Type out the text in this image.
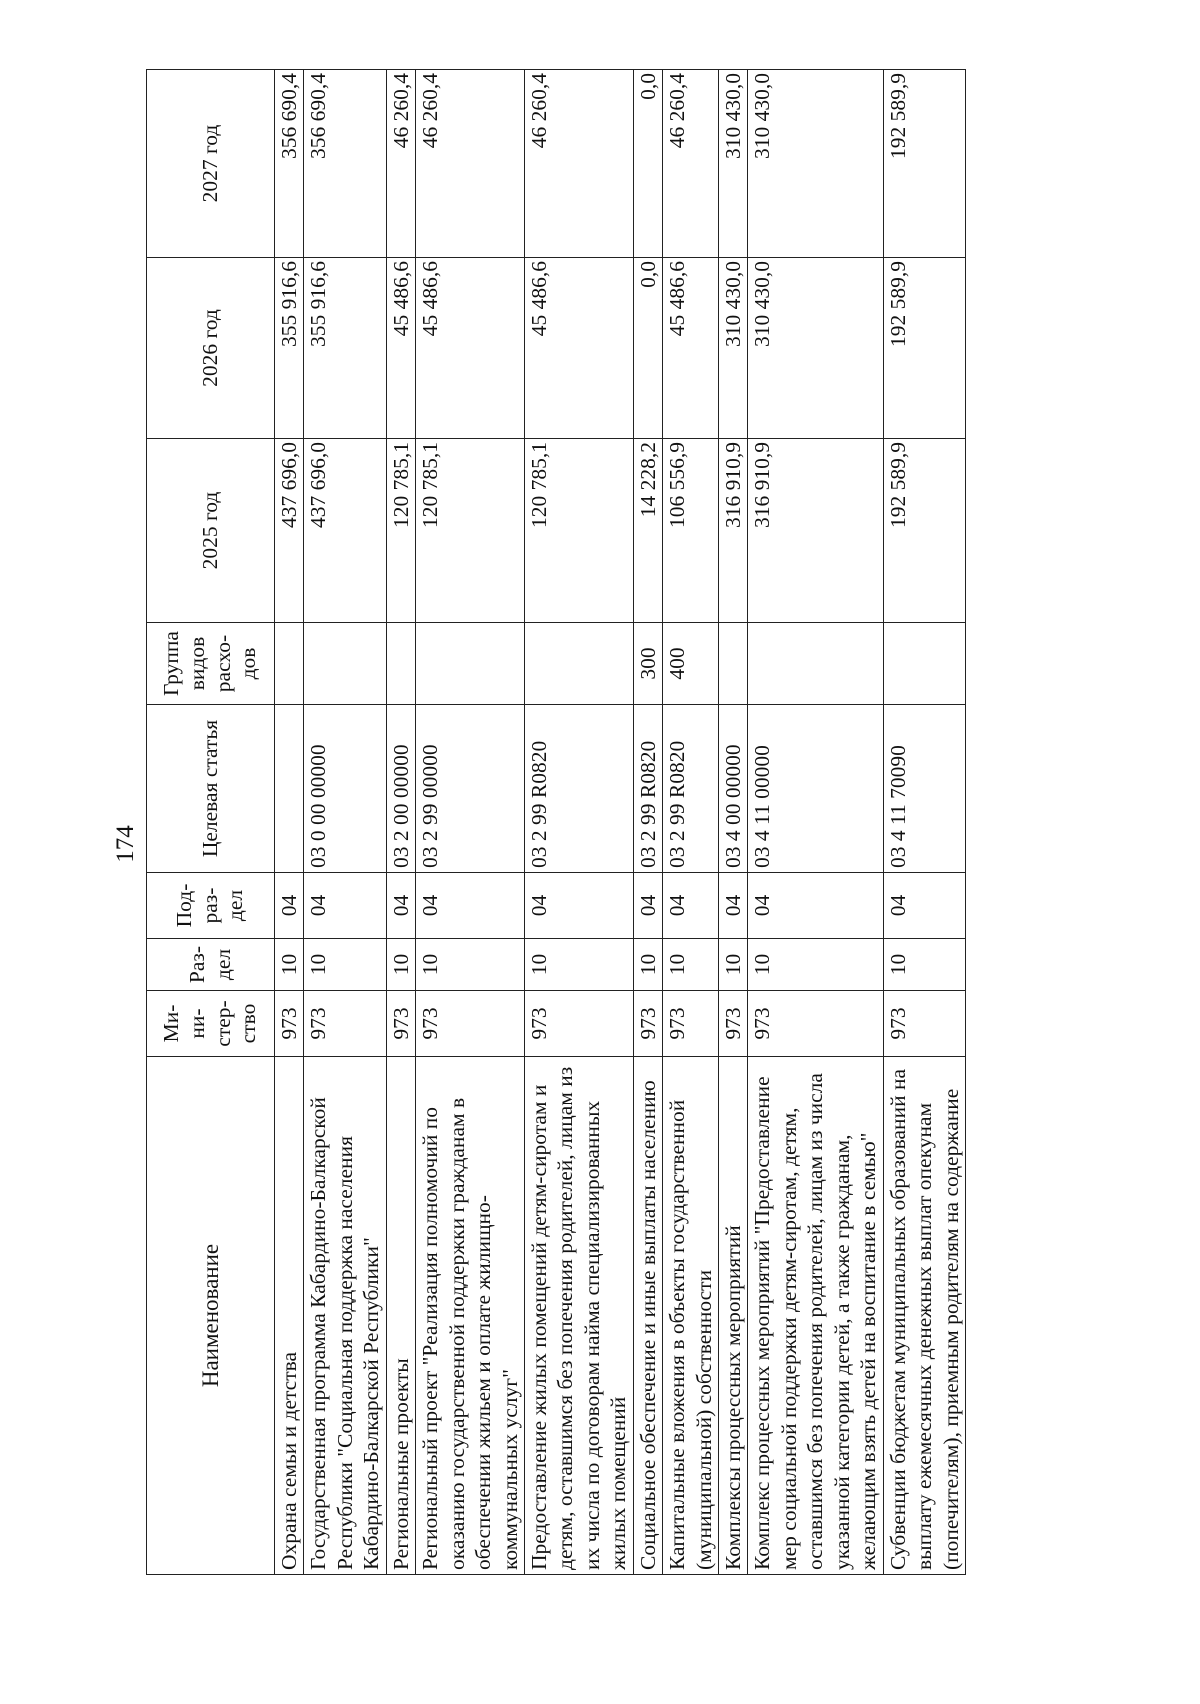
174
Наименование	Ми-ни-стер-ство	Раз-дел	Под-раз-дел	Целевая статья	Группа видов расхо-дов	2025 год	2026 год	2027 год
Охрана семьи и детства	973	10	04			437 696,0	355 916,6	356 690,4
Государственная программа Кабардино-Балкарской Республики "Социальная поддержка населения Кабардино-Балкарской Республики"	973	10	04	03 0 00 00000		437 696,0	355 916,6	356 690,4
Региональные проекты	973	10	04	03 2 00 00000		120 785,1	45 486,6	46 260,4
Региональный проект "Реализация полномочий по оказанию государственной поддержки гражданам в обеспечении жильем и оплате жилищно-коммунальных услуг"	973	10	04	03 2 99 00000		120 785,1	45 486,6	46 260,4
Предоставление жилых помещений детям-сиротам и детям, оставшимся без попечения родителей, лицам из их числа по договорам найма специализированных жилых помещений	973	10	04	03 2 99 R0820		120 785,1	45 486,6	46 260,4
Социальное обеспечение и иные выплаты населению	973	10	04	03 2 99 R0820	300	14 228,2	0,0	0,0
Капитальные вложения в объекты государственной (муниципальной) собственности	973	10	04	03 2 99 R0820	400	106 556,9	45 486,6	46 260,4
Комплексы процессных мероприятий	973	10	04	03 4 00 00000		316 910,9	310 430,0	310 430,0
Комплекс процессных мероприятий "Предоставление мер социальной поддержки детям-сиротам, детям, оставшимся без попечения родителей, лицам из числа указанной категории детей, а также гражданам, желающим взять детей на воспитание в семью"	973	10	04	03 4 11 00000		316 910,9	310 430,0	310 430,0
Субвенции бюджетам муниципальных образований на выплату ежемесячных денежных выплат опекунам (попечителям), приемным родителям на содержание	973	10	04	03 4 11 70090		192 589,9	192 589,9	192 589,9
